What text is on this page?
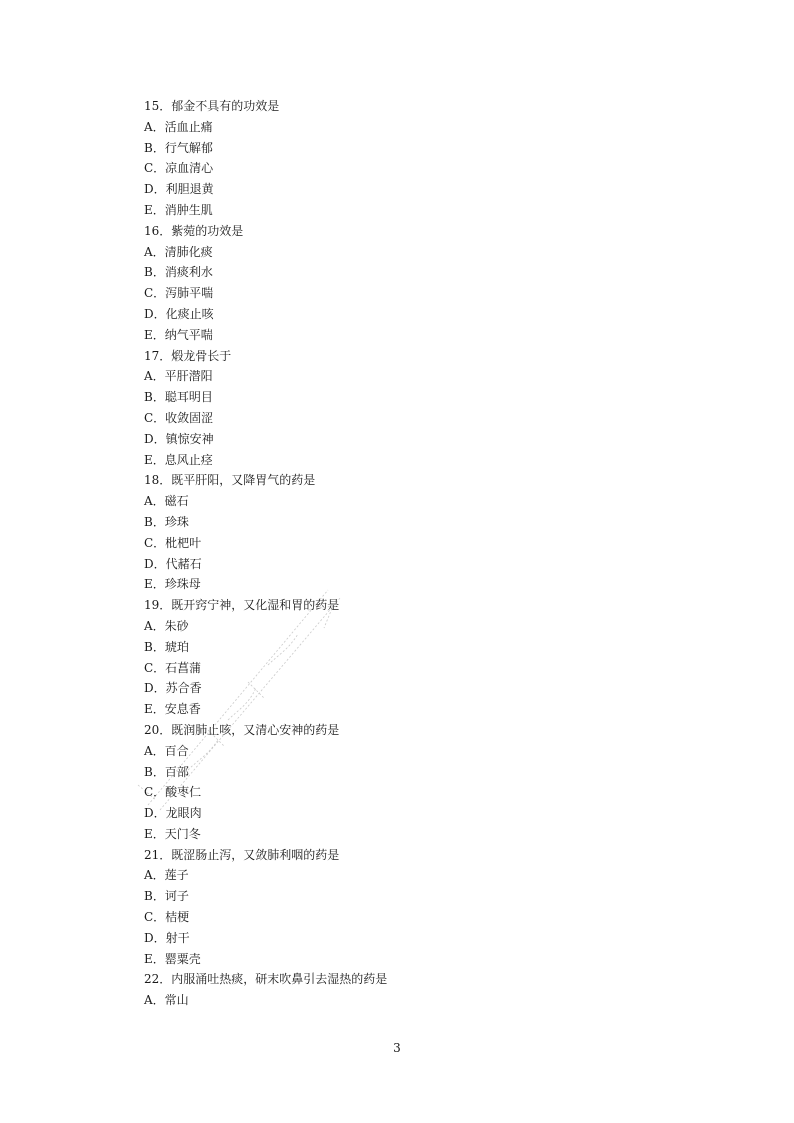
15．郁金不具有的功效是
A．活血止痛
B．行气解郁
C．凉血清心
D．利胆退黄
E．消肿生肌
16．紫菀的功效是
A．清肺化痰
B．消痰利水
C．泻肺平喘
D．化痰止咳
E．纳气平喘
17．煅龙骨长于
A．平肝潜阳
B．聪耳明目
C．收敛固涩
D．镇惊安神
E．息风止痉
18．既平肝阳，又降胃气的药是
A．磁石
B．珍珠
C．枇杷叶
D．代赭石
E．珍珠母
19．既开窍宁神，又化湿和胃的药是
A．朱砂
B．琥珀
C．石菖蒲
D．苏合香
E．安息香
20．既润肺止咳，又清心安神的药是
A．百合
B．百部
C．酸枣仁
D．龙眼肉
E．天门冬
21．既涩肠止泻，又敛肺利咽的药是
A．莲子
B．诃子
C．桔梗
D．射干
E．罂粟壳
22．内服涌吐热痰，研末吹鼻引去湿热的药是
A．常山
3
